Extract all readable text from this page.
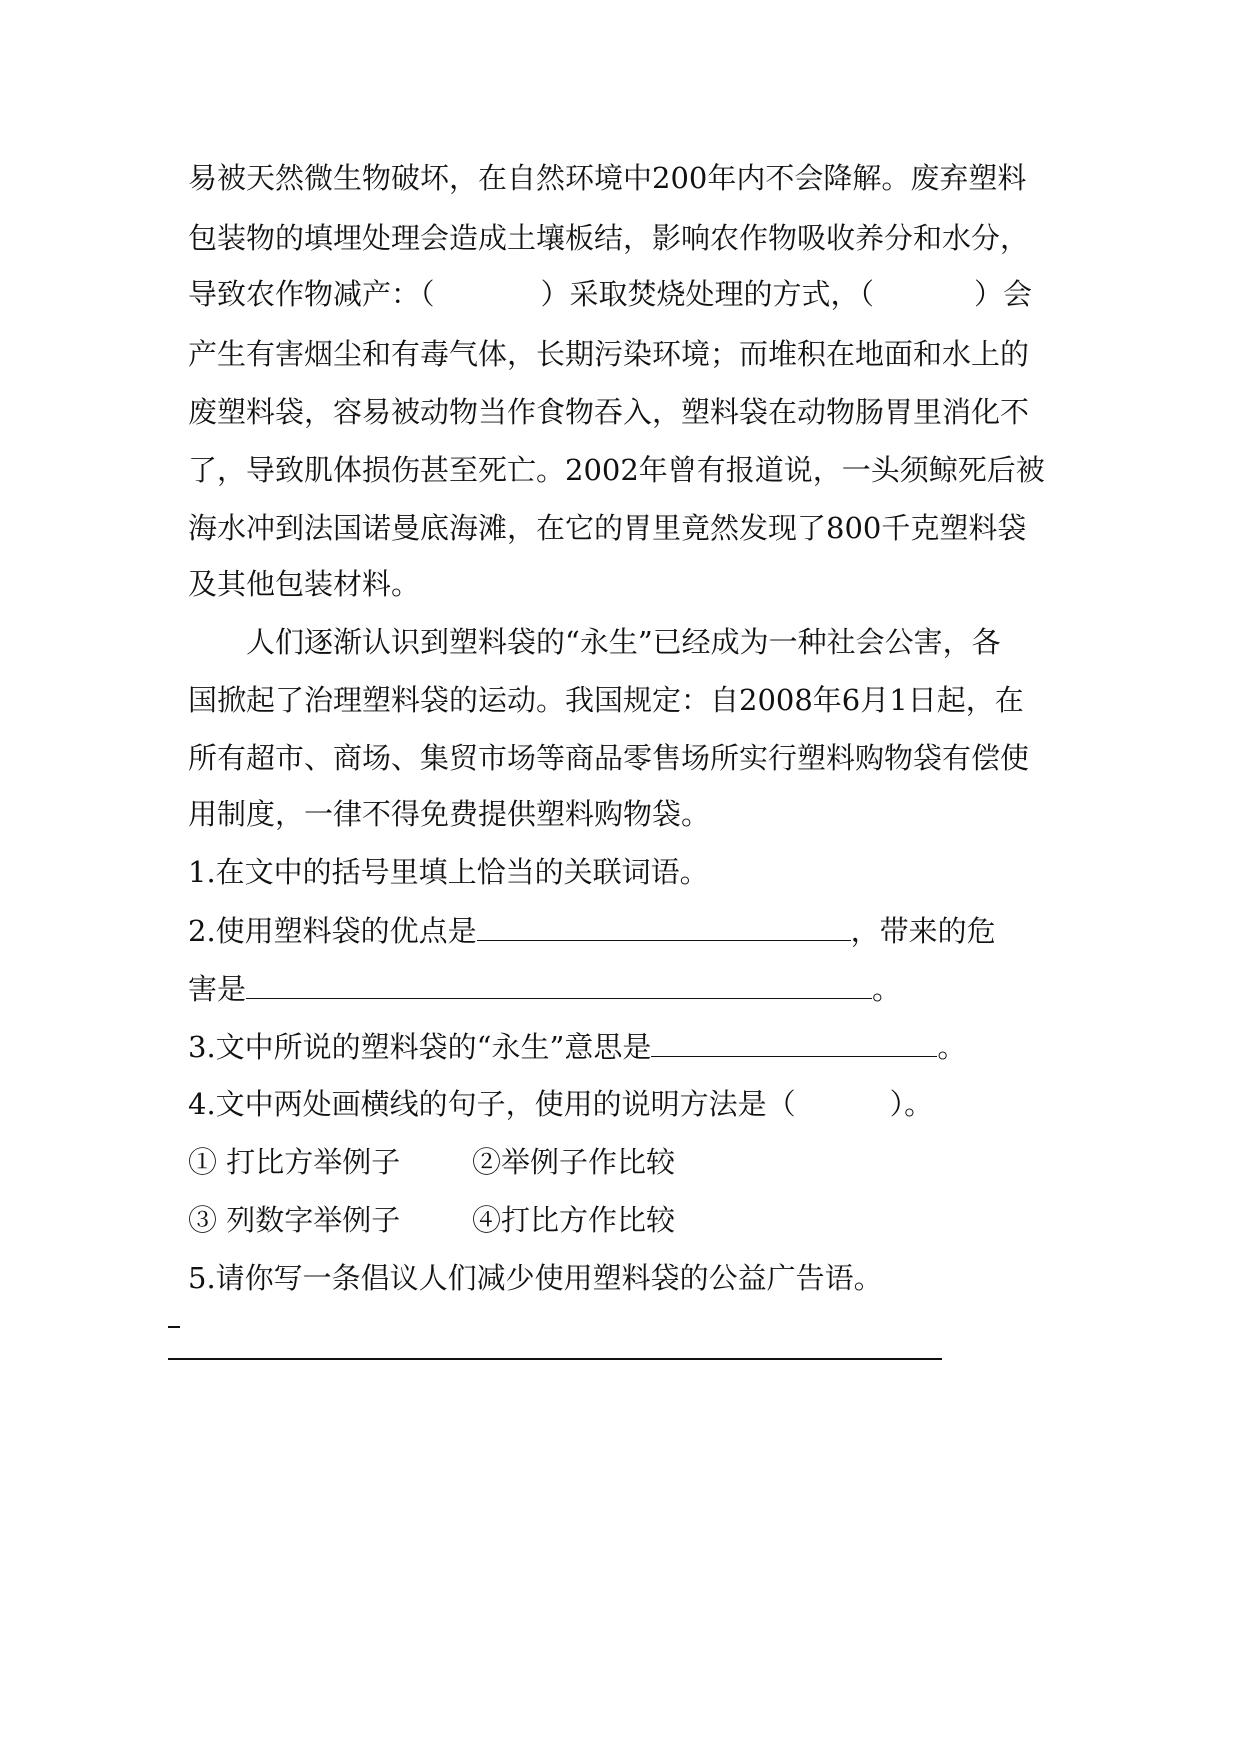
易被天然微生物破坏，在自然环境中200年内不会降解。废弃塑料
包装物的填埋处理会造成土壤板结，影响农作物吸收养分和水分，
导致农作物减产：（	）采取焚烧处理的方式，（	）会
产生有害烟尘和有毒气体，长期污染环境；而堆积在地面和水上的
废塑料袋，容易被动物当作食物吞入，塑料袋在动物肠胃里消化不
了，导致肌体损伤甚至死亡。2002年曾有报道说，一头须鲸死后被
海水冲到法国诺曼底海滩，在它的胃里竟然发现了800千克塑料袋
及其他包装材料。
人们逐渐认识到塑料袋的“永生”已经成为一种社会公害，各
国掀起了治理塑料袋的运动。我国规定：自2008年6月1日起，在
所有超市、商场、集贸市场等商品零售场所实行塑料购物袋有偿使
用制度，一律不得免费提供塑料购物袋。
1.在文中的括号里填上恰当的关联词语。
2.使用塑料袋的优点是	，带来的危
害是	。
3.文中所说的塑料袋的“永生”意思是	。
4.文中两处画横线的句子，使用的说明方法是（	）。
① 打比方举例子 ②举例子作比较
③ 列数字举例子 ④打比方作比较
5.请你写一条倡议人们减少使用塑料袋的公益广告语。
